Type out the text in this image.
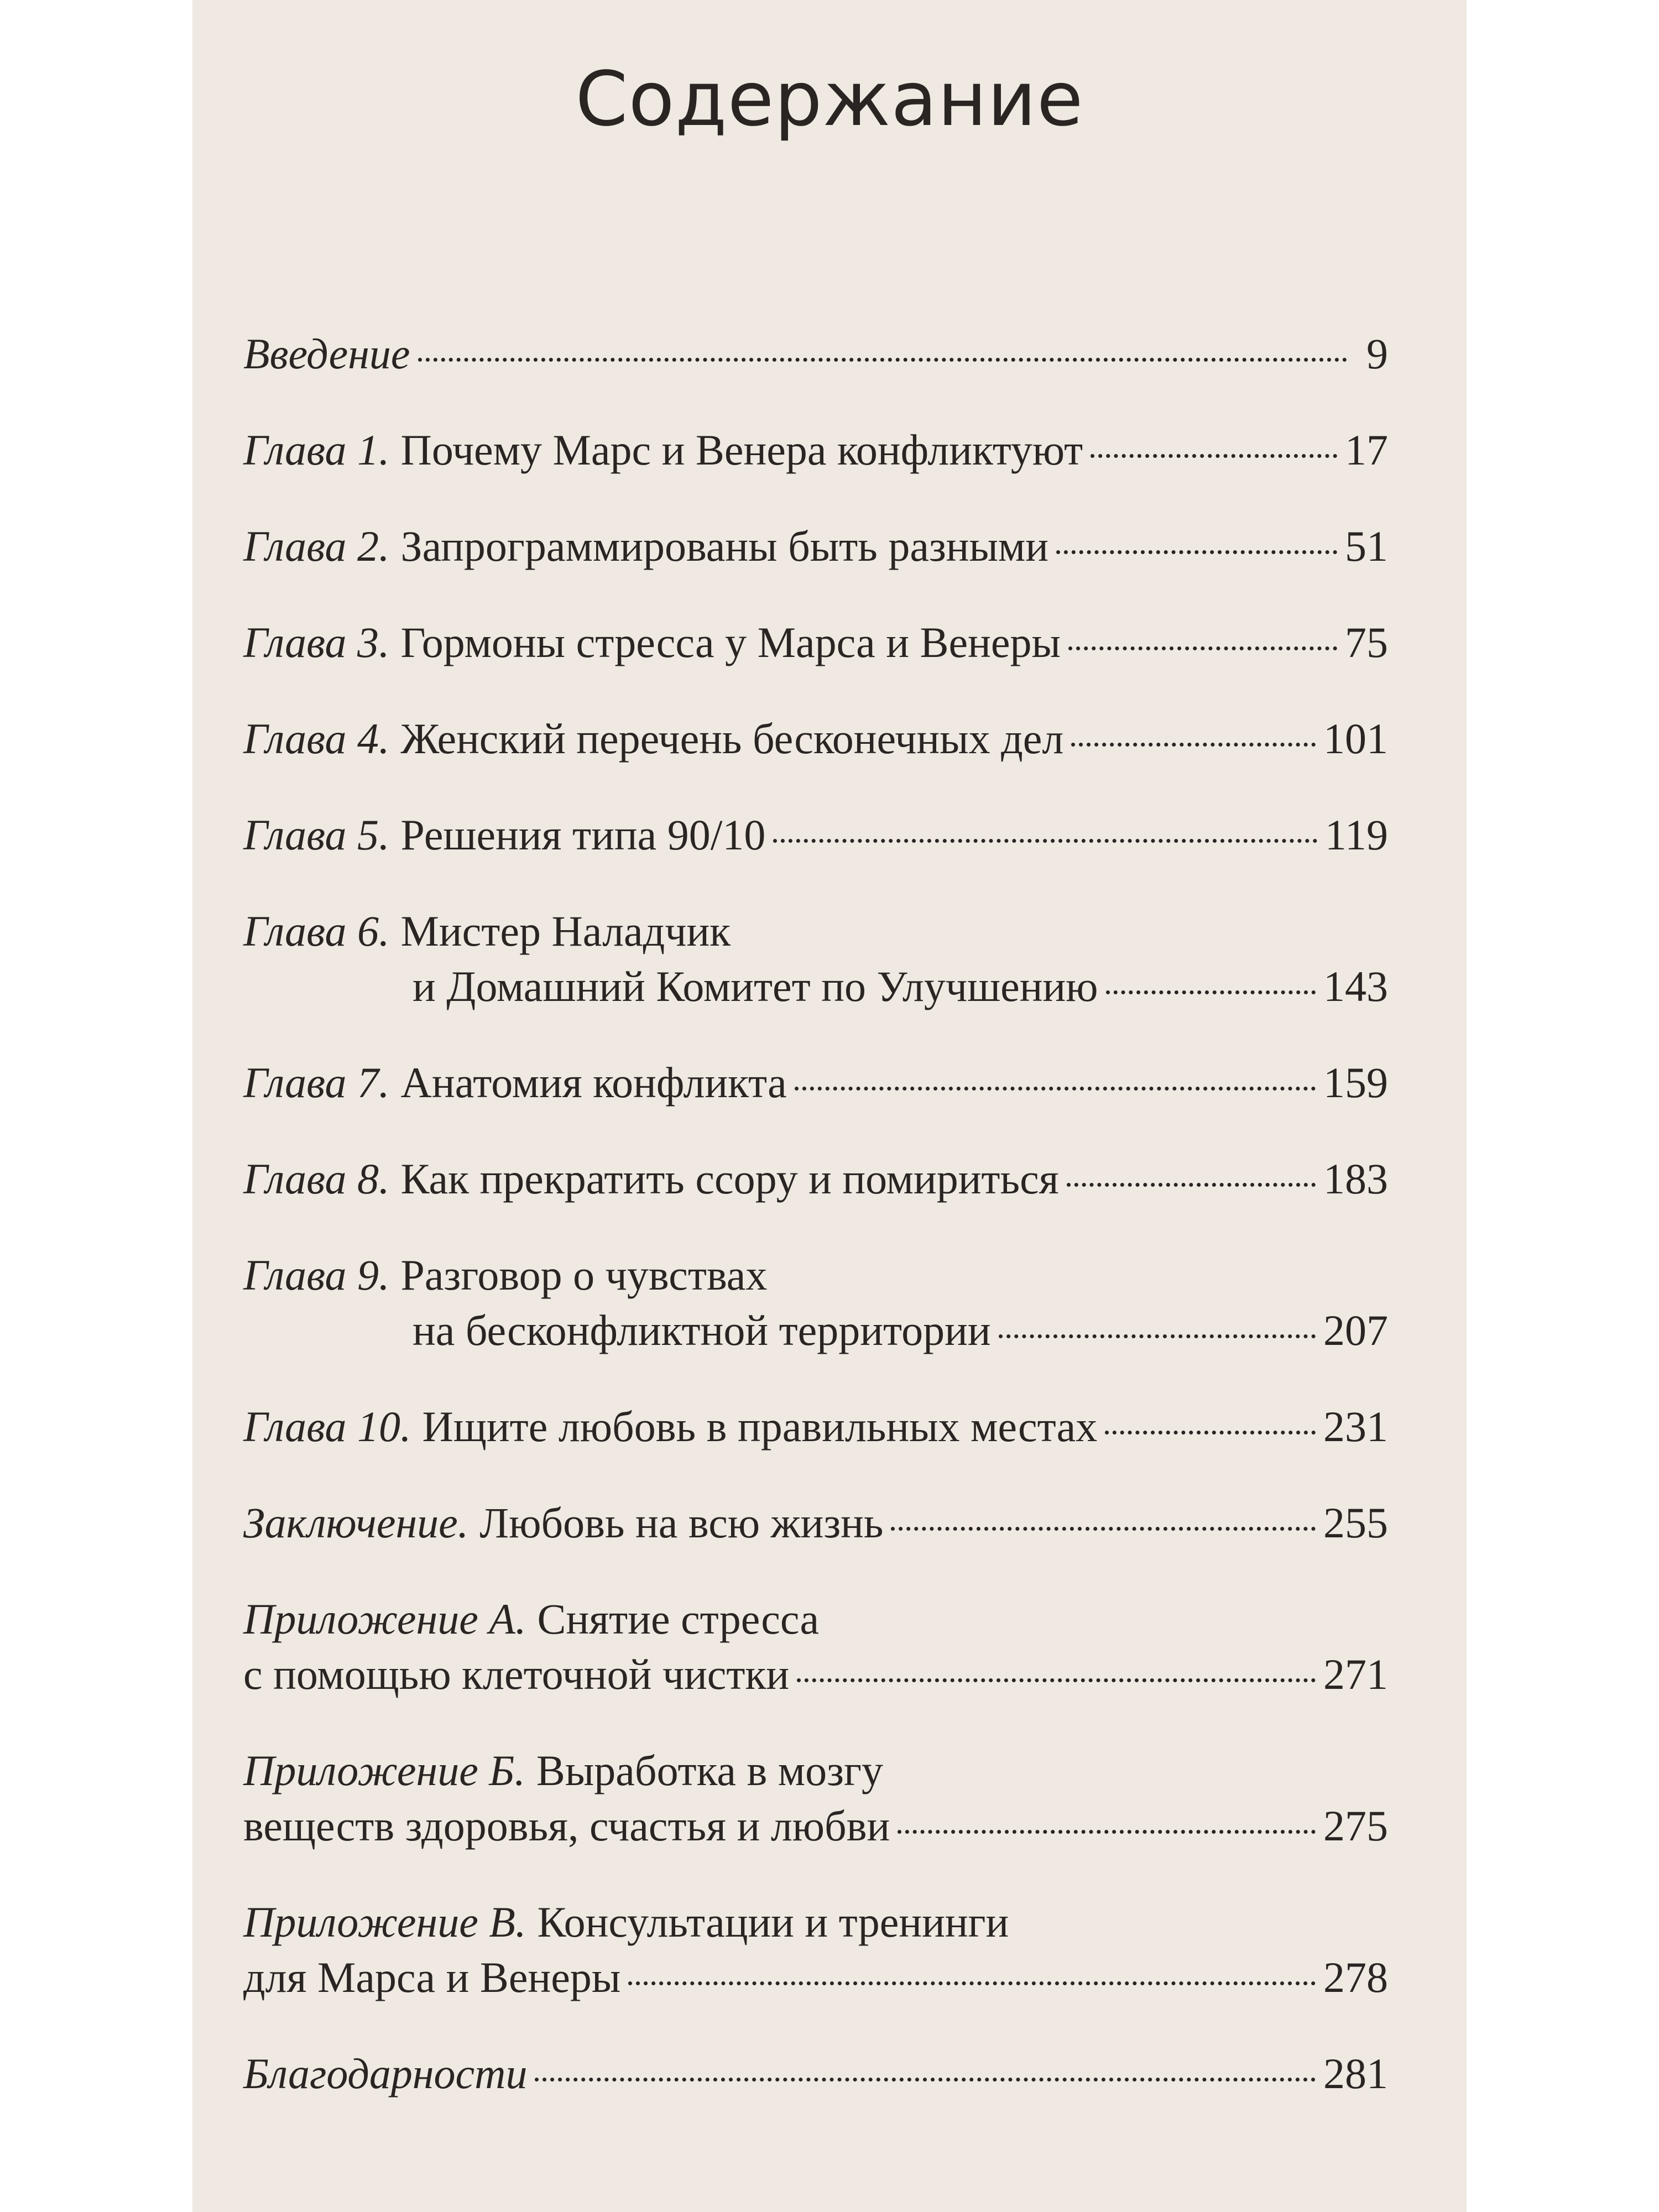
Содержание
Введение	9
Глава 1. Почему Марс и Венера конфликтуют	17
Глава 2. Запрограммированы быть разными	51
Глава 3. Гормоны стресса у Марса и Венеры	75
Глава 4. Женский перечень бесконечных дел	101
Глава 5. Решения типа 90/10	119
Глава 6. Мистер Наладчик
и Домашний Комитет по Улучшению	143
Глава 7. Анатомия конфликта	159
Глава 8. Как прекратить ссору и помириться	183
Глава 9. Разговор о чувствах
на бесконфликтной территории	207
Глава 10. Ищите любовь в правильных местах	231
Заключение. Любовь на всю жизнь	255
Приложение А. Снятие стресса
с помощью клеточной чистки	271
Приложение Б. Выработка в мозгу
веществ здоровья, счастья и любви	275
Приложение В. Консультации и тренинги
для Марса и Венеры	278
Благодарности	281
